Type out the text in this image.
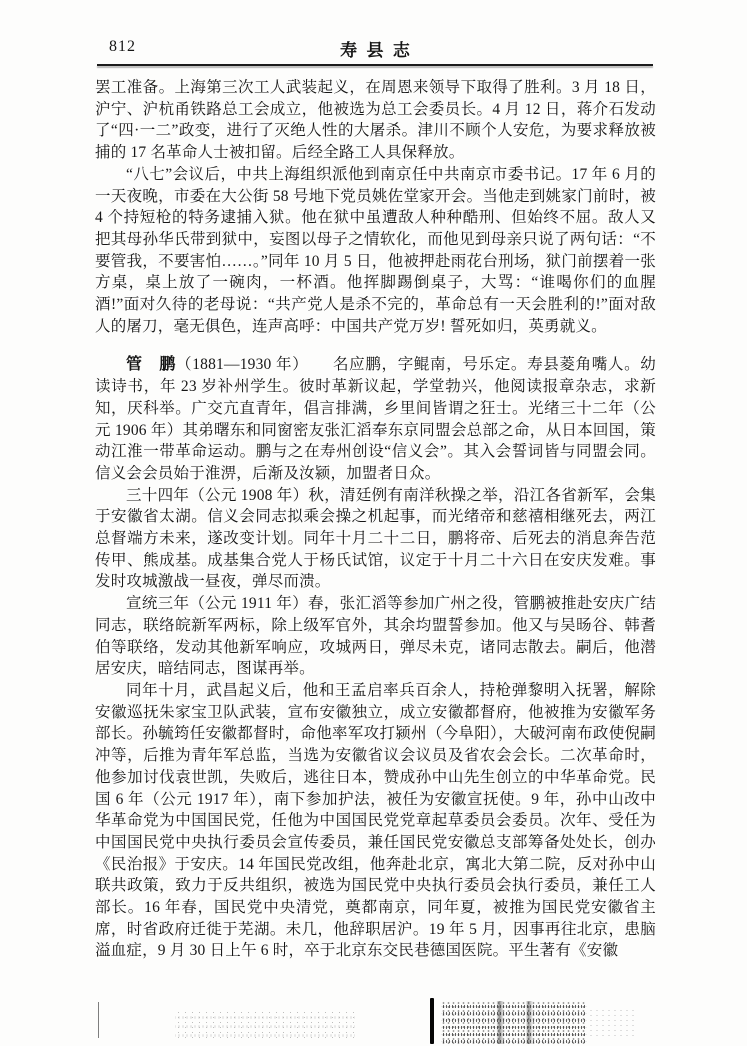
812	寿县志

罢工准备。上海第三次工人武装起义，在周恩来领导下取得了胜利。3 月 18 日，沪宁、沪杭甬铁路总工会成立，他被选为总工会委员长。4 月 12 日，蒋介石发动了“四·一二”政变，进行了灭绝人性的大屠杀。津川不顾个人安危，为要求释放被捕的 17 名革命人士被扣留。后经全路工人具保释放。

“八七”会议后，中共上海组织派他到南京任中共南京市委书记。17 年 6 月的一天夜晚，市委在大公街 58 号地下党员姚佐堂家开会。当他走到姚家门前时，被 4 个持短枪的特务逮捕入狱。他在狱中虽遭敌人种种酷刑、但始终不屈。敌人又把其母孙华氏带到狱中，妄图以母子之情软化，而他见到母亲只说了两句话：“不要管我，不要害怕……。”同年 10 月 5 日，他被押赴雨花台刑场，狱门前摆着一张方桌，桌上放了一碗肉，一杯酒。他挥脚踢倒桌子，大骂：“谁喝你们的血腥酒!”面对久待的老母说：“共产党人是杀不完的，革命总有一天会胜利的!”面对敌人的屠刀，毫无俱色，连声高呼：中国共产党万岁! 誓死如归，英勇就义。

管　鹏（1881—1930 年）　　名应鹏，字鲲南，号乐定。寿县菱角嘴人。幼读诗书，年 23 岁补州学生。彼时革新议起，学堂勃兴，他阅读报章杂志，求新知，厌科举。广交亢直青年，倡言排满，乡里间皆谓之狂士。光绪三十二年（公元 1906 年）其弟曙东和同窗密友张汇滔奉东京同盟会总部之命，从日本回国，策动江淮一带革命运动。鹏与之在寿州创设“信义会”。其入会誓词皆与同盟会同。信义会会员始于淮淠，后渐及汝颍，加盟者日众。

三十四年（公元 1908 年）秋，清廷例有南洋秋操之举，沿江各省新军，会集于安徽省太湖。信义会同志拟乘会操之机起事，而光绪帝和慈禧相继死去，两江总督端方未来，遂改变计划。同年十月二十二日，鹏将帝、后死去的消息奔告范传甲、熊成基。成基集合党人于杨氏试馆，议定于十月二十六日在安庆发难。事发时攻城激战一昼夜，弹尽而溃。

宣统三年（公元 1911 年）春，张汇滔等参加广州之役，管鹏被推赴安庆广结同志，联络皖新军两标，除上级军官外，其余均盟誓参加。他又与吴旸谷、韩耆伯等联络，发动其他新军响应，攻城两日，弹尽未克，诸同志散去。嗣后，他潜居安庆，暗结同志，图谋再举。

同年十月，武昌起义后，他和王孟启率兵百余人，持枪弹黎明入抚署，解除安徽巡抚朱家宝卫队武装，宣布安徽独立，成立安徽都督府，他被推为安徽军务部长。孙毓筠任安徽都督时，命他率军攻打颍州（今阜阳），大破河南布政使倪嗣冲等，后推为青年军总监，当选为安徽省议会议员及省农会会长。二次革命时，他参加讨伐袁世凯，失败后，逃往日本，赞成孙中山先生创立的中华革命党。民国 6 年（公元 1917 年），南下参加护法，被任为安徽宣抚使。9 年，孙中山改中华革命党为中国国民党，任他为中国国民党党章起草委员会委员。次年、受任为中国国民党中央执行委员会宣传委员，兼任国民党安徽总支部筹备处处长，创办《民治报》于安庆。14 年国民党改组，他奔赴北京，寓北大第二院，反对孙中山联共政策，致力于反共组织，被选为国民党中央执行委员会执行委员，兼任工人部长。16 年春，国民党中央清党，奠都南京，同年夏，被推为国民党安徽省主席，时省政府迁徙于芜湖。未几，他辞职居沪。19 年 5 月，因事再往北京，患脑溢血症，9 月 30 日上午 6 时，卒于北京东交民巷德国医院。平生著有《安徽
